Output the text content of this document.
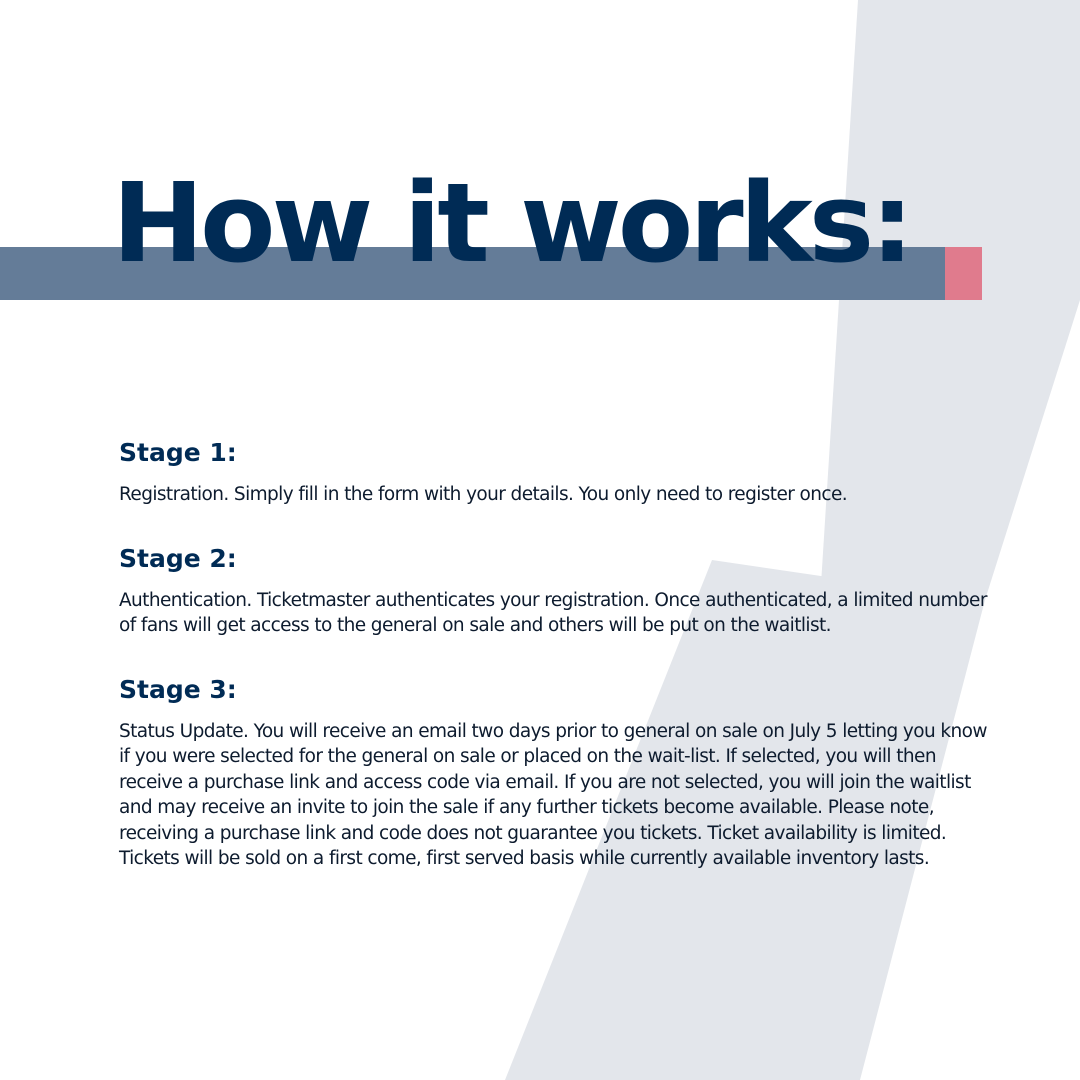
How it works:
Stage 1:

Registration. Simply fill in the form with your details. You only need to register once.

Stage 2:

Authentication. Ticketmaster authenticates your registration. Once authenticated, a limited number of fans will get access to the general on sale and others will be put on the waitlist.

Stage 3:

Status Update. You will receive an email two days prior to general on sale on July 5 letting you know if you were selected for the general on sale or placed on the wait-list. If selected, you will then receive a purchase link and access code via email. If you are not selected, you will join the waitlist and may receive an invite to join the sale if any further tickets become available. Please note, receiving a purchase link and code does not guarantee you tickets. Ticket availability is limited. Tickets will be sold on a first come, first served basis while currently available inventory lasts.
